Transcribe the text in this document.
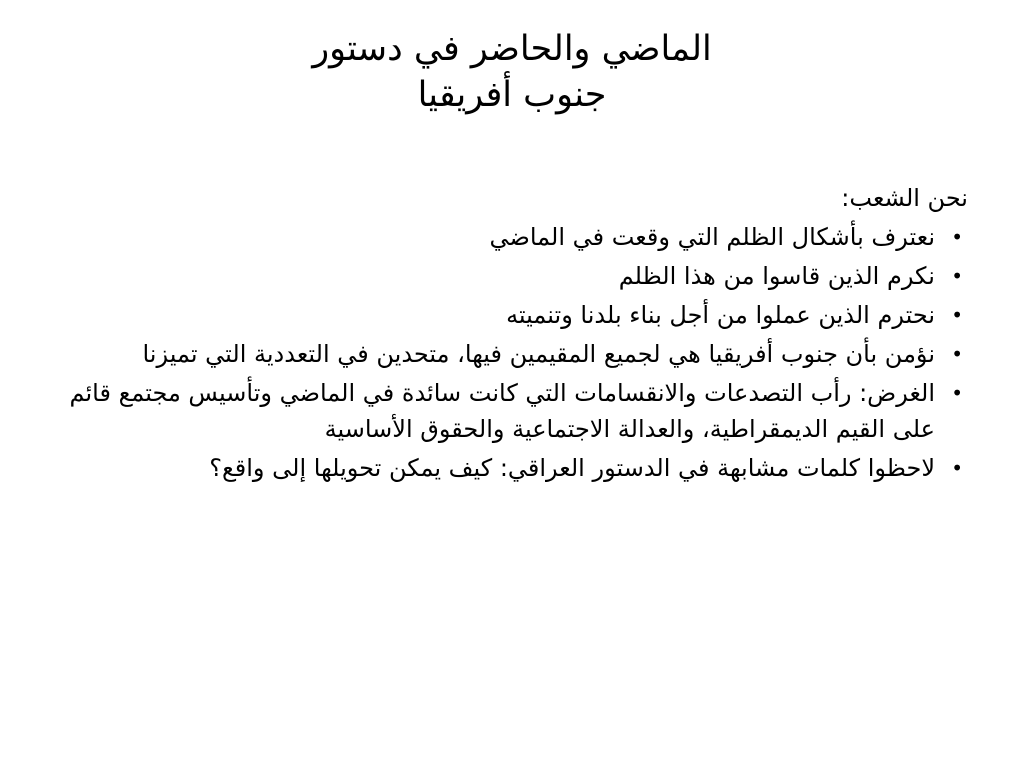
الماضي والحاضر في دستور
جنوب أفريقيا

نحن الشعب:

•
نعترف بأشكال الظلم التي وقعت في الماضي
•
نكرم الذين قاسوا من هذا الظلم
•
نحترم الذين عملوا من أجل بناء بلدنا وتنميته
•
نؤمن بأن جنوب أفريقيا هي لجميع المقيمين فيها، متحدين في التعددية التي تميزنا
•
الغرض: رأب التصدعات والانقسامات التي كانت سائدة في الماضي وتأسيس مجتمع قائم على القيم الديمقراطية، والعدالة الاجتماعية والحقوق الأساسية
•
لاحظوا كلمات مشابهة في الدستور العراقي: كيف يمكن تحويلها إلى واقع؟
